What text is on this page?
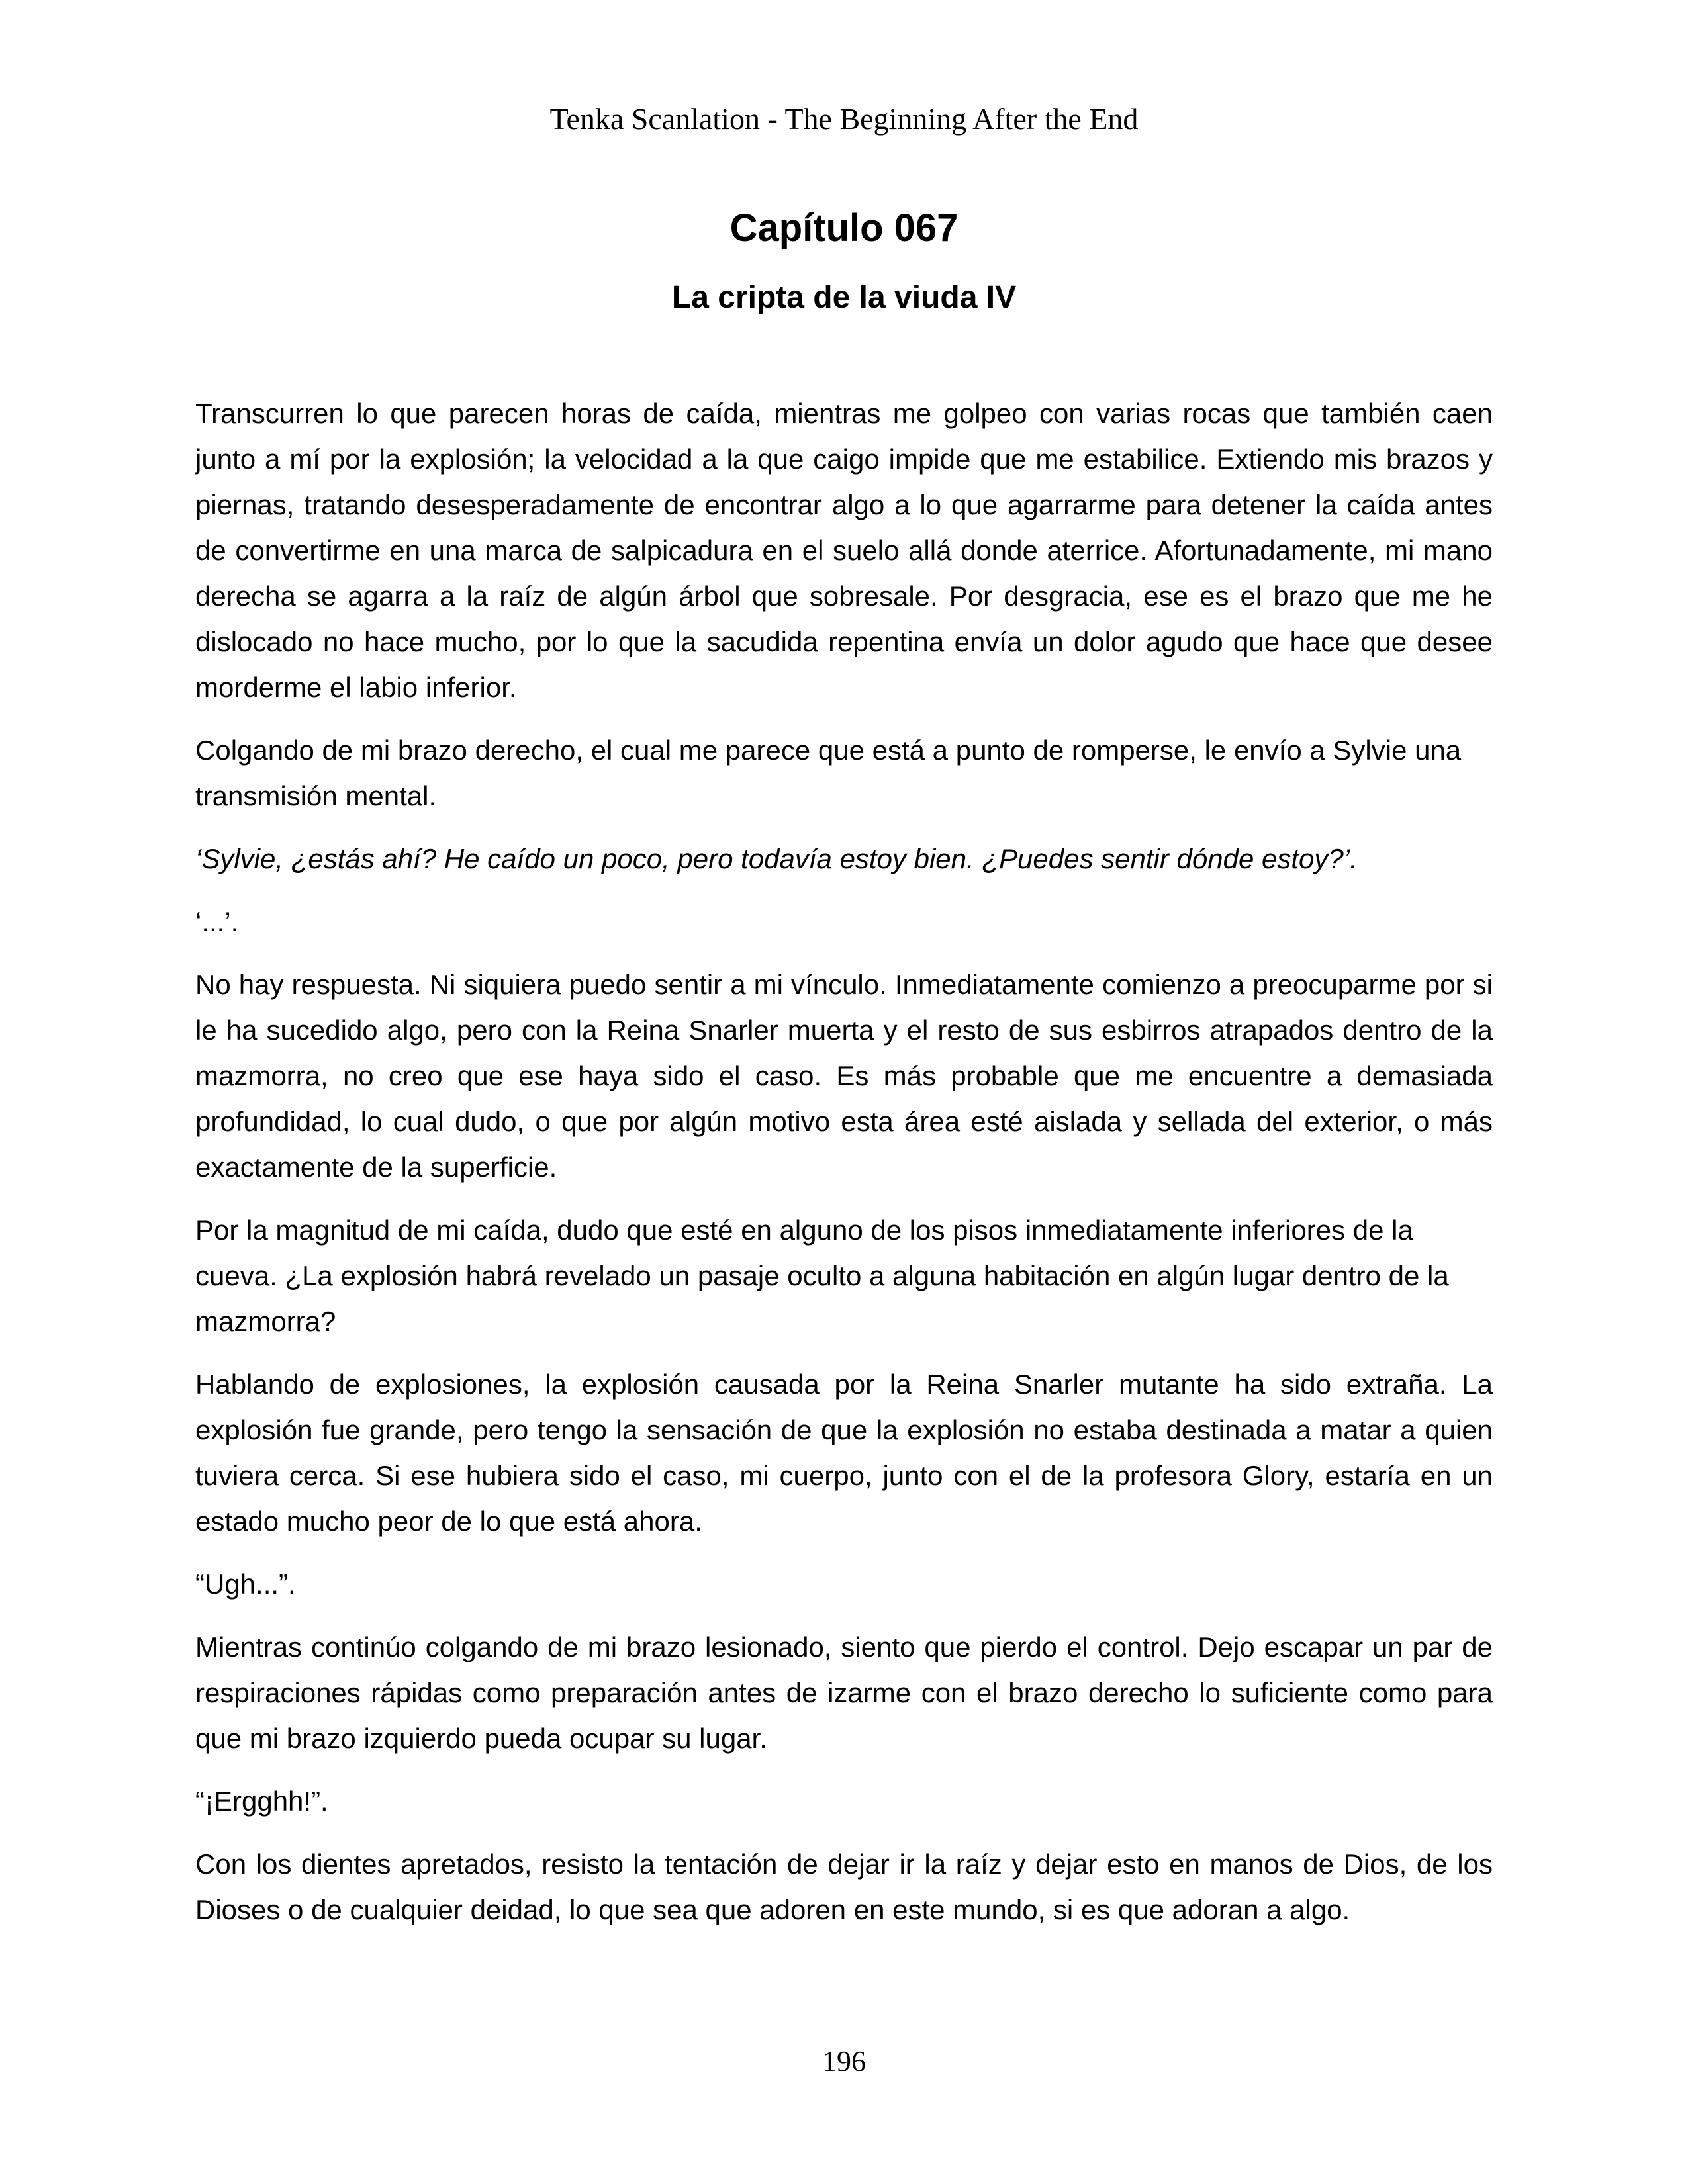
Tenka Scanlation - The Beginning After the End
Capítulo 067
La cripta de la viuda IV

Transcurren lo que parecen horas de caída, mientras me golpeo con varias rocas que también caen junto a mí por la explosión; la velocidad a la que caigo impide que me estabilice. Extiendo mis brazos y piernas, tratando desesperadamente de encontrar algo a lo que agarrarme para detener la caída antes de convertirme en una marca de salpicadura en el suelo allá donde aterrice. Afortunadamente, mi mano derecha se agarra a la raíz de algún árbol que sobresale. Por desgracia, ese es el brazo que me he dislocado no hace mucho, por lo que la sacudida repentina envía un dolor agudo que hace que desee morderme el labio inferior.

Colgando de mi brazo derecho, el cual me parece que está a punto de romperse, le envío a Sylvie una transmisión mental.

‘Sylvie, ¿estás ahí? He caído un poco, pero todavía estoy bien. ¿Puedes sentir dónde estoy?’.

‘...’.

No hay respuesta. Ni siquiera puedo sentir a mi vínculo. Inmediatamente comienzo a preocuparme por si le ha sucedido algo, pero con la Reina Snarler muerta y el resto de sus esbirros atrapados dentro de la mazmorra, no creo que ese haya sido el caso. Es más probable que me encuentre a demasiada profundidad, lo cual dudo, o que por algún motivo esta área esté aislada y sellada del exterior, o más exactamente de la superficie.

Por la magnitud de mi caída, dudo que esté en alguno de los pisos inmediatamente inferiores de la cueva. ¿La explosión habrá revelado un pasaje oculto a alguna habitación en algún lugar dentro de la mazmorra?

Hablando de explosiones, la explosión causada por la Reina Snarler mutante ha sido extraña. La explosión fue grande, pero tengo la sensación de que la explosión no estaba destinada a matar a quien tuviera cerca. Si ese hubiera sido el caso, mi cuerpo, junto con el de la profesora Glory, estaría en un estado mucho peor de lo que está ahora.

“Ugh...”.

Mientras continúo colgando de mi brazo lesionado, siento que pierdo el control. Dejo escapar un par de respiraciones rápidas como preparación antes de izarme con el brazo derecho lo suficiente como para que mi brazo izquierdo pueda ocupar su lugar.

“¡Ergghh!”.

Con los dientes apretados, resisto la tentación de dejar ir la raíz y dejar esto en manos de Dios, de los Dioses o de cualquier deidad, lo que sea que adoren en este mundo, si es que adoran a algo.

196
